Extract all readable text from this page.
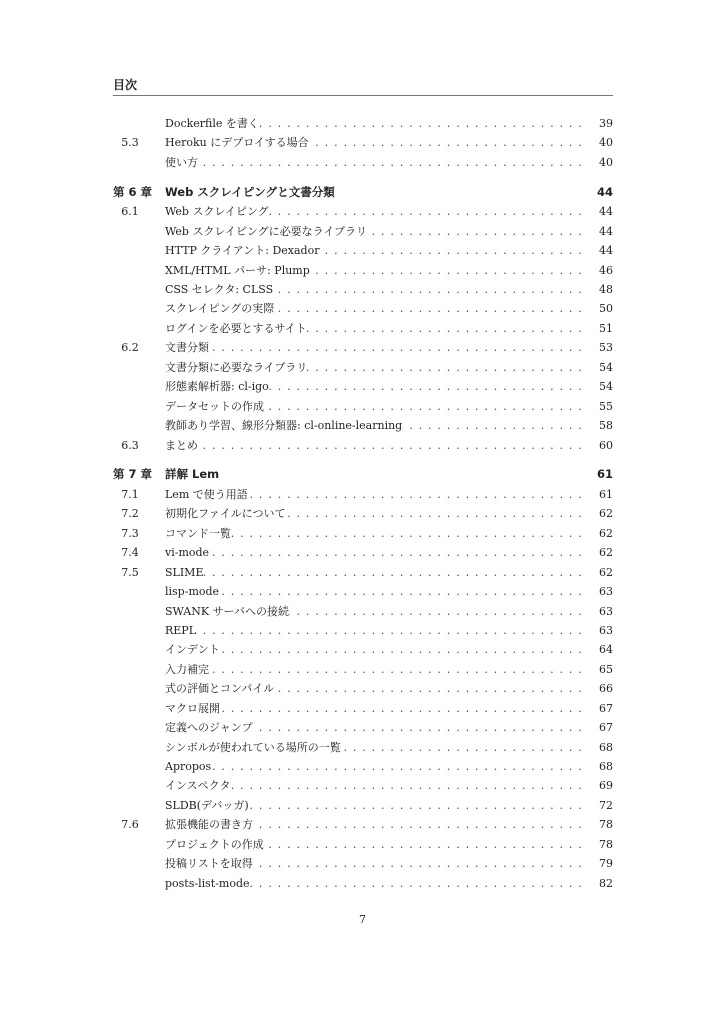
目次
Dockerfile を書く . . .	39
5.3	Heroku にデプロイする場合 . . .	40
使い方 . . .	40
第 6 章	Web スクレイピングと文書分類	44
6.1	Web スクレイピング . . .	44
Web スクレイピングに必要なライブラリ . . .	44
HTTP クライアント: Dexador . . .	44
XML/HTML パーサ: Plump . . .	46
CSS セレクタ: CLSS . . .	48
スクレイピングの実際 . . .	50
ログインを必要とするサイト . . .	51
6.2	文書分類 . . .	53
文書分類に必要なライブラリ . . .	54
形態素解析器: cl-igo . . .	54
データセットの作成 . . .	55
教師あり学習、線形分類器: cl-online-learning . . .	58
6.3	まとめ . . .	60
第 7 章	詳解 Lem	61
7.1	Lem で使う用語 . . .	61
7.2	初期化ファイルについて . . .	62
7.3	コマンド一覧 . . .	62
7.4	vi-mode . . .	62
7.5	SLIME . . .	62
lisp-mode . . .	63
SWANK サーバへの接続 . . .	63
REPL . . .	63
インデント . . .	64
入力補完 . . .	65
式の評価とコンパイル . . .	66
マクロ展開 . . .	67
定義へのジャンプ . . .	67
シンボルが使われている場所の一覧 . . .	68
Apropos . . .	68
インスペクタ . . .	69
SLDB(デバッガ) . . .	72
7.6	拡張機能の書き方 . . .	78
プロジェクトの作成 . . .	78
投稿リストを取得 . . .	79
posts-list-mode . . .	82
7
